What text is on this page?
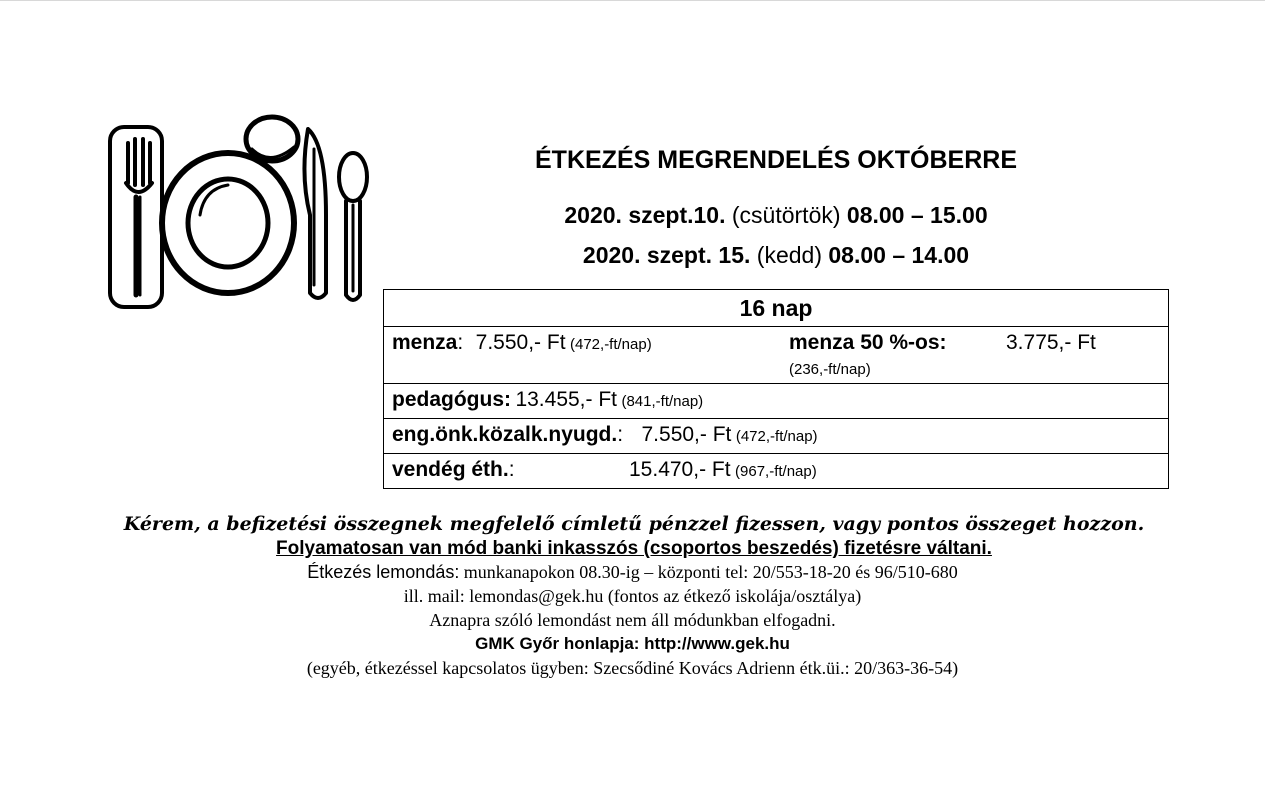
ÉTKEZÉS MEGRENDELÉS OKTÓBERRE
2020. szept.10. (csütörtök) 08.00 – 15.00
2020. szept. 15. (kedd) 08.00 – 14.00
16 nap

menza: 7.550,- Ft (472,-ft/nap)	menza 50 %-os:	3.775,- Ft
(236,-ft/nap)

pedagógus: 13.455,- Ft (841,-ft/nap)
eng.önk.közalk.nyugd.: 7.550,- Ft (472,-ft/nap)
vendég éth.:	15.470,- Ft (967,-ft/nap)
Kérem, a befizetési összegnek megfelelő címletű pénzzel fizessen, vagy pontos összeget hozzon. Folyamatosan van mód banki inkasszós (csoportos beszedés) fizetésre váltani.
Étkezés lemondás: munkanapokon 08.30-ig – központi tel: 20/553-18-20 és 96/510-680
ill. mail: lemondas@gek.hu (fontos az étkező iskolája/osztálya)
Aznapra szóló lemondást nem áll módunkban elfogadni.
GMK Győr honlapja: http://www.gek.hu
(egyéb, étkezéssel kapcsolatos ügyben: Szecsődiné Kovács Adrienn étk.üi.: 20/363-36-54)
